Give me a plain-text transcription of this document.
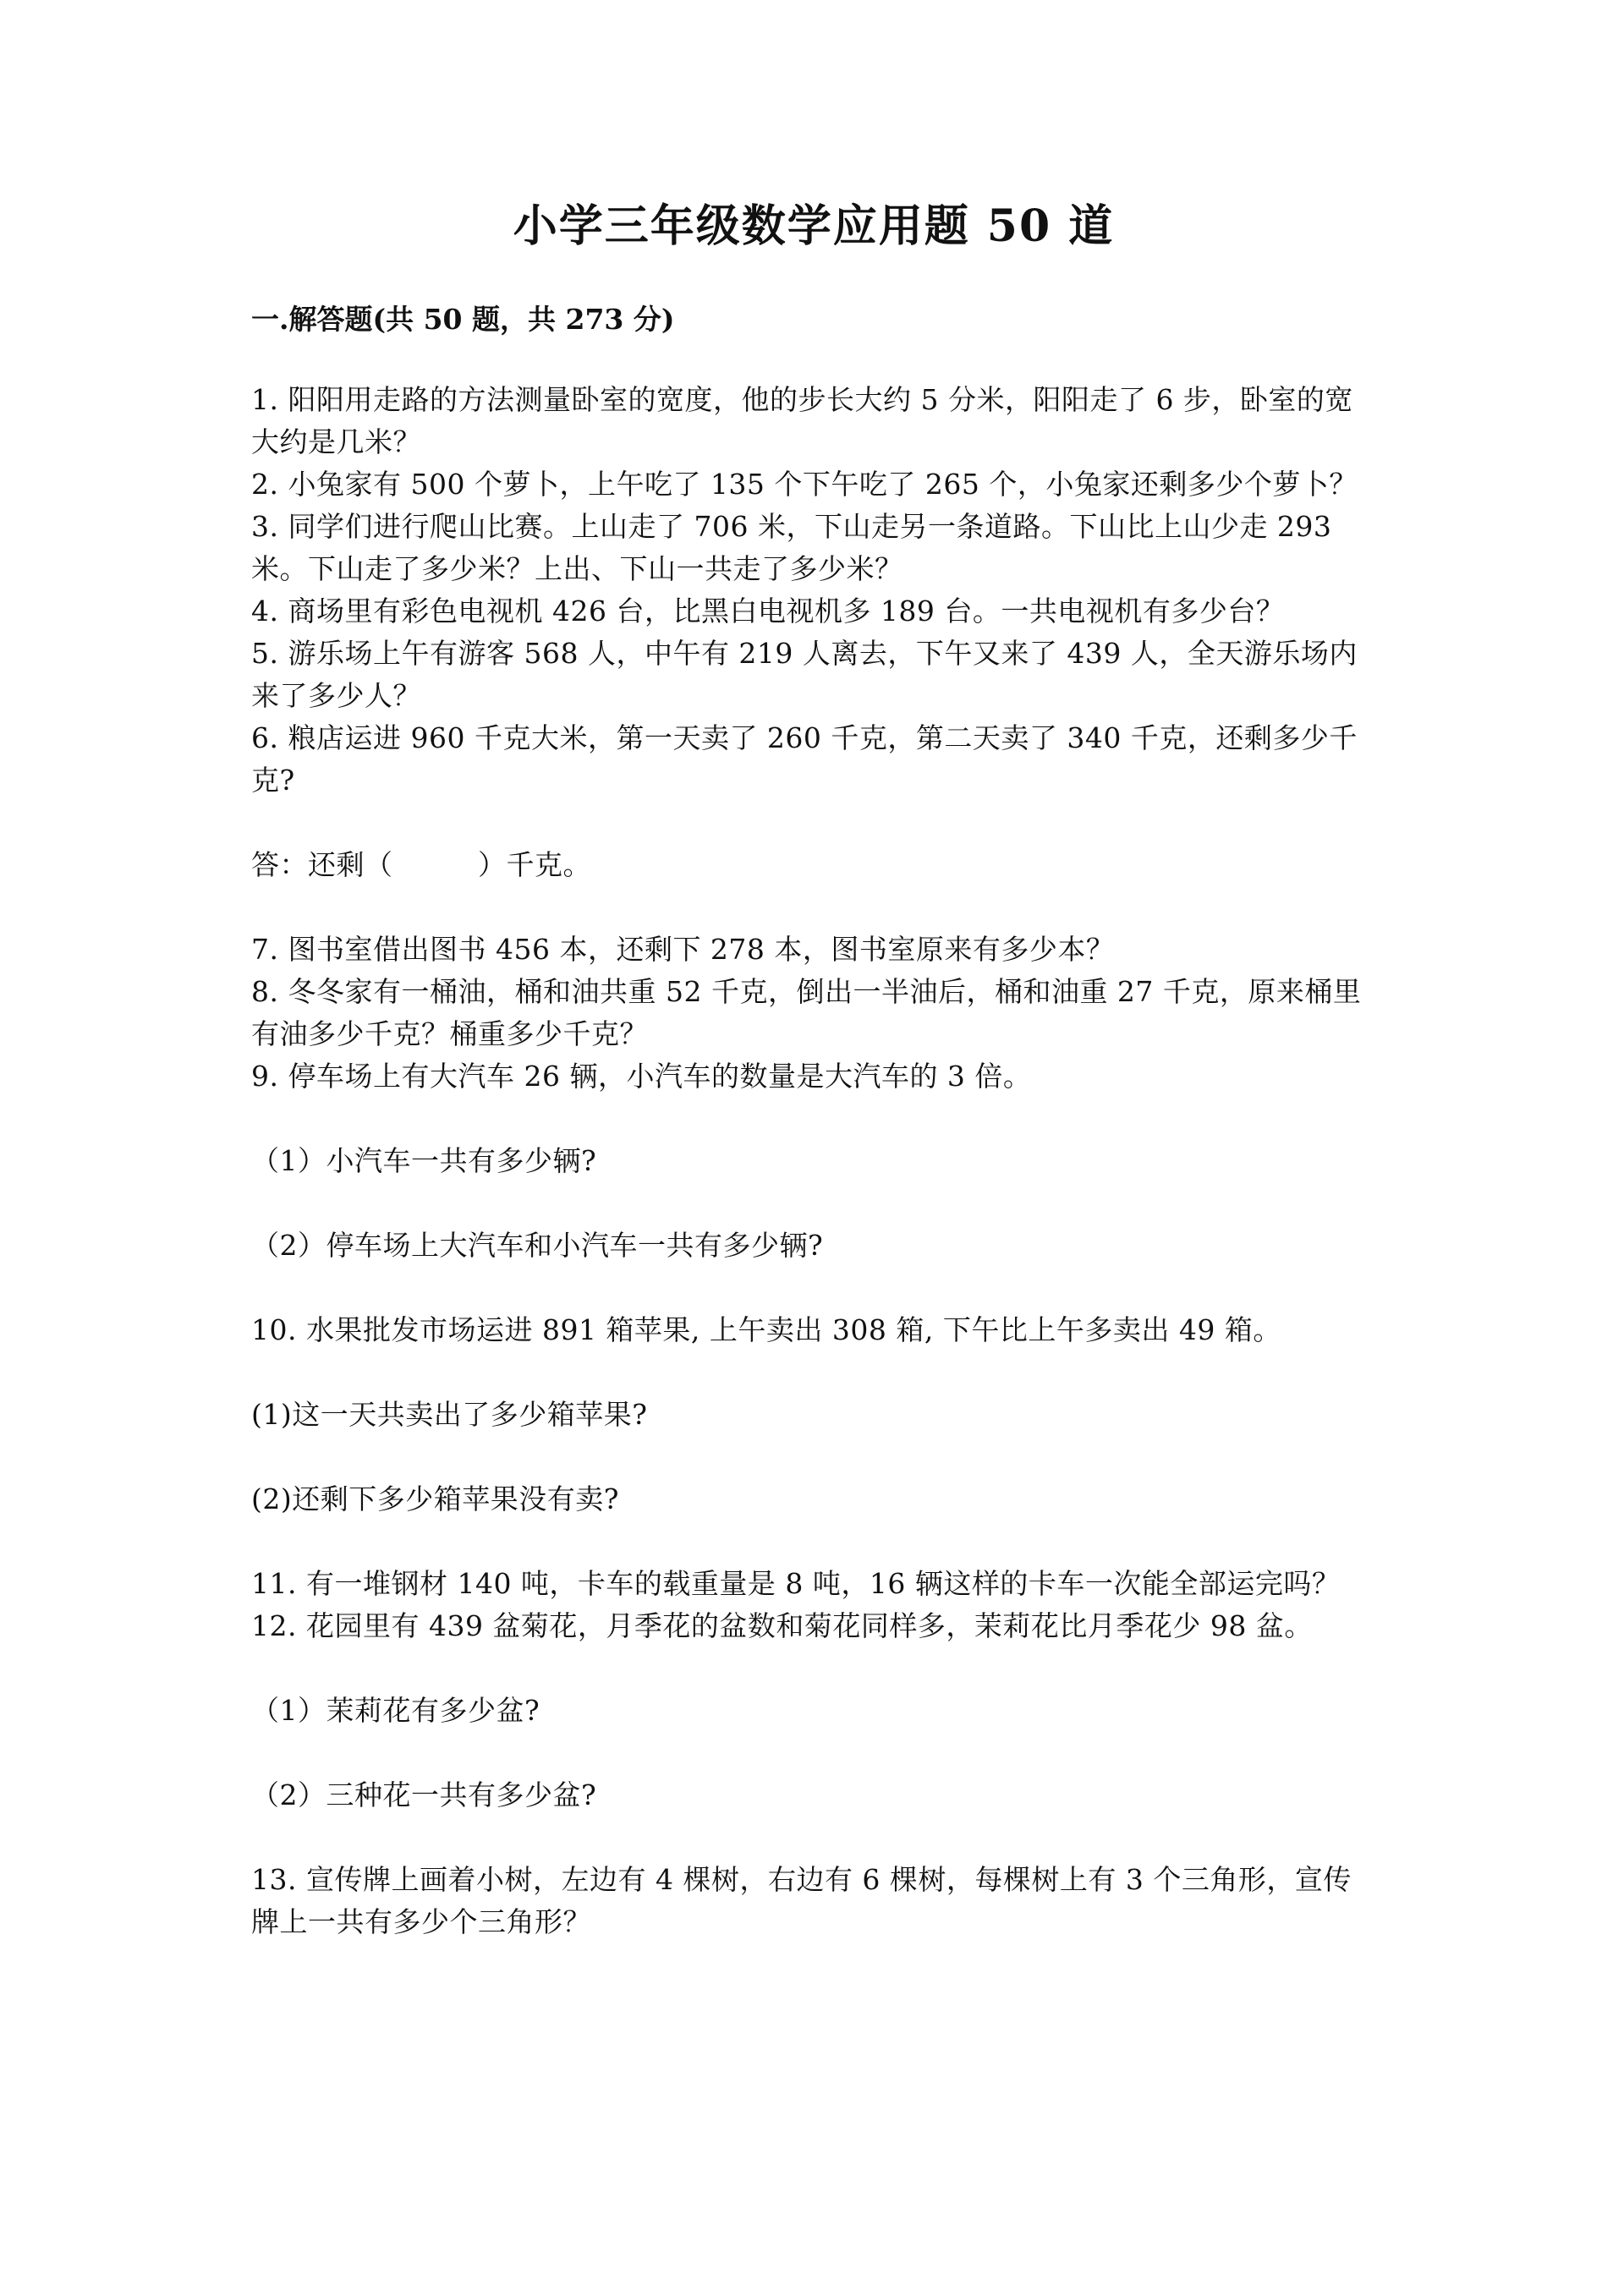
小学三年级数学应用题 50 道
一.解答题(共 50 题，共 273 分)

1. 阳阳用走路的方法测量卧室的宽度，他的步长大约 5 分米，阳阳走了 6 步，卧室的宽大约是几米？

2. 小兔家有 500 个萝卜，上午吃了 135 个下午吃了 265 个，小兔家还剩多少个萝卜？

3. 同学们进行爬山比赛。上山走了 706 米，下山走另一条道路。下山比上山少走 293 米。下山走了多少米？上出、下山一共走了多少米？

4. 商场里有彩色电视机 426 台，比黑白电视机多 189 台。一共电视机有多少台？

5. 游乐场上午有游客 568 人，中午有 219 人离去，下午又来了 439 人，全天游乐场内来了多少人？

6. 粮店运进 960 千克大米，第一天卖了 260 千克，第二天卖了 340 千克，还剩多少千克?

答：还剩（　　　）千克。

7. 图书室借出图书 456 本，还剩下 278 本，图书室原来有多少本？

8. 冬冬家有一桶油，桶和油共重 52 千克，倒出一半油后，桶和油重 27 千克，原来桶里有油多少千克？桶重多少千克？

9. 停车场上有大汽车 26 辆，小汽车的数量是大汽车的 3 倍。

（1）小汽车一共有多少辆?

（2）停车场上大汽车和小汽车一共有多少辆?

10. 水果批发市场运进 891 箱苹果, 上午卖出 308 箱, 下午比上午多卖出 49 箱。

(1)这一天共卖出了多少箱苹果?

(2)还剩下多少箱苹果没有卖?

11. 有一堆钢材 140 吨，卡车的载重量是 8 吨，16 辆这样的卡车一次能全部运完吗？

12. 花园里有 439 盆菊花，月季花的盆数和菊花同样多，茉莉花比月季花少 98 盆。

（1）茉莉花有多少盆?

（2）三种花一共有多少盆?

13. 宣传牌上画着小树，左边有 4 棵树，右边有 6 棵树，每棵树上有 3 个三角形，宣传牌上一共有多少个三角形？
